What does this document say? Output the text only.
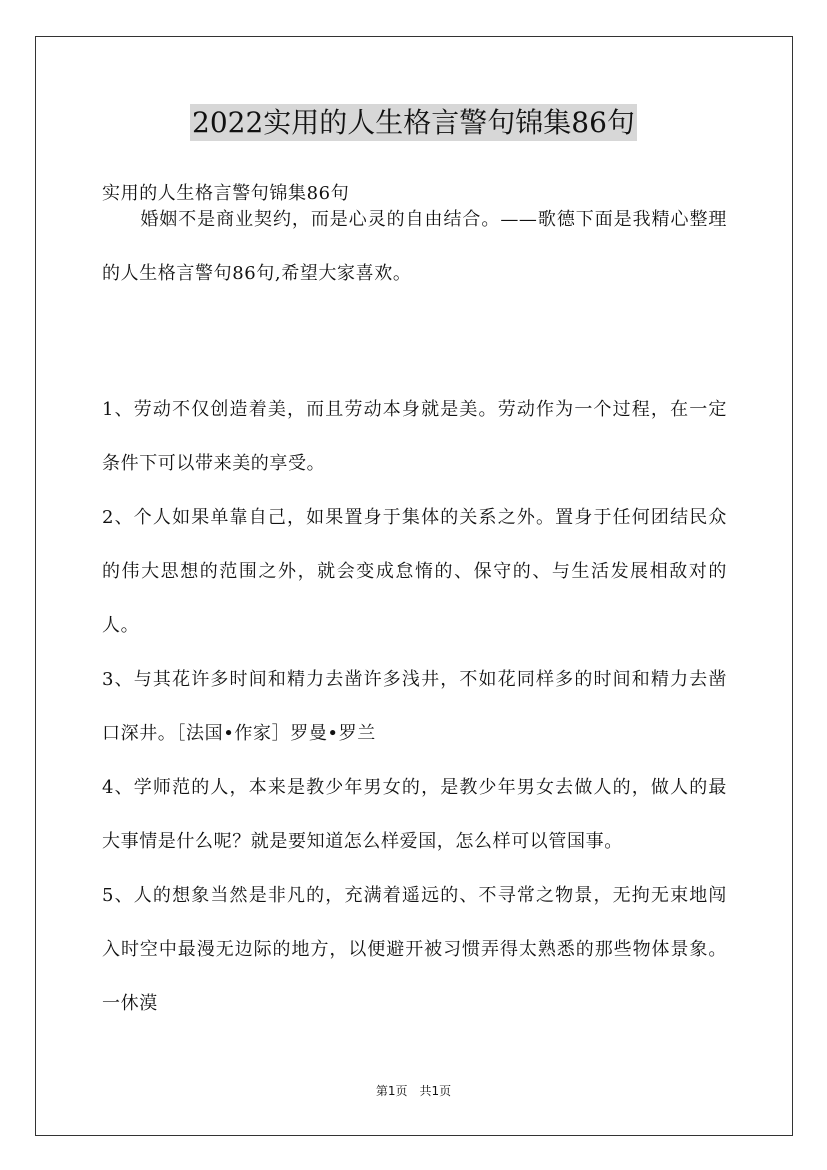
2022实用的人生格言警句锦集86句
实用的人生格言警句锦集86句
婚姻不是商业契约，而是心灵的自由结合。——歌德下面是我精心整理的人生格言警句86句,希望大家喜欢。

1、劳动不仅创造着美，而且劳动本身就是美。劳动作为一个过程，在一定条件下可以带来美的享受。

2、个人如果单靠自己，如果置身于集体的关系之外。置身于任何团结民众的伟大思想的范围之外，就会变成怠惰的、保守的、与生活发展相敌对的人。

3、与其花许多时间和精力去凿许多浅井，不如花同样多的时间和精力去凿口深井。［法国•作家］罗曼•罗兰

4、学师范的人，本来是教少年男女的，是教少年男女去做人的，做人的最大事情是什么呢？就是要知道怎么样爱国，怎么样可以管国事。

5、人的想象当然是非凡的，充满着遥远的、不寻常之物景，无拘无束地闯入时空中最漫无边际的地方，以便避开被习惯弄得太熟悉的那些物体景象。一休漠

第1页　共1页
